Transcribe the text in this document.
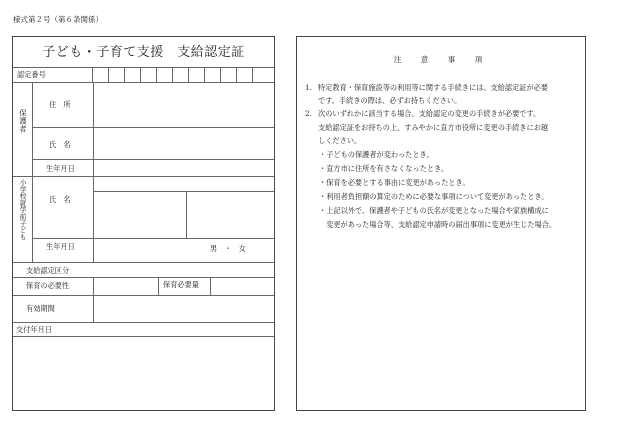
様式第２号（第６条関係）
子ども・子育て支援　支給認定証
認定番号
保護者
住　所
氏　名
生年月日
小学校就学前子ども	氏　名
生年月日	男　・　女
支給認定区分
保育の必要性	保育必要量
有効期間
交付年月日
注　意　事　項
1. 特定教育・保育施設等の利用等に関する手続きには、支給認定証が必要
です。手続きの際は、必ずお持ちください。
2. 次のいずれかに該当する場合、支給認定の変更の手続きが必要です。
支給認定証をお持ちの上、すみやかに直方市役所に変更の手続きにお越
しください。
・子どもの保護者が変わったとき。
・直方市に住所を有さなくなったとき。
・保育を必要とする事由に変更があったとき。
・利用者負担額の算定のために必要な事項について変更があったとき。
・上記以外で、保護者や子どもの氏名が変更となった場合や家族構成に
　変更があった場合等、支給認定申請時の届出事項に変更が生じた場合。
